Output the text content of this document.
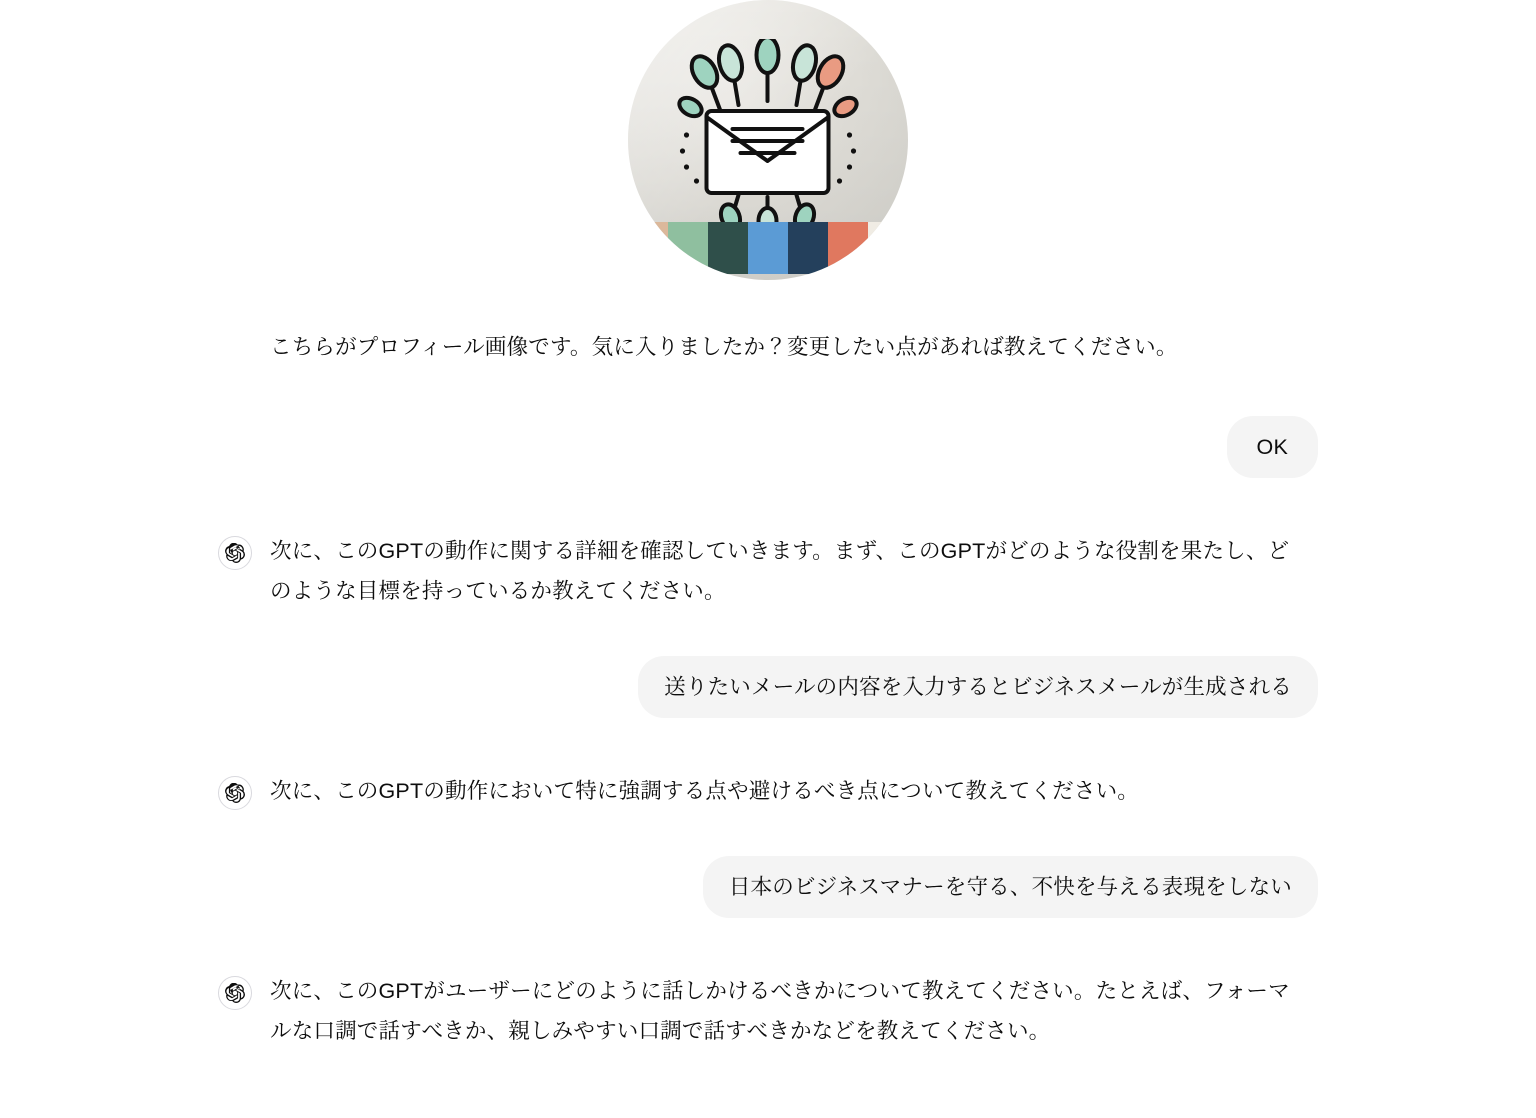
こちらがプロフィール画像です。気に入りましたか？変更したい点があれば教えてください。
OK
次に、このGPTの動作に関する詳細を確認していきます。まず、このGPTがどのような役割を果たし、どのような目標を持っているか教えてください。
送りたいメールの内容を入力するとビジネスメールが生成される
次に、このGPTの動作において特に強調する点や避けるべき点について教えてください。
日本のビジネスマナーを守る、不快を与える表現をしない
次に、このGPTがユーザーにどのように話しかけるべきかについて教えてください。たとえば、フォーマルな口調で話すべきか、親しみやすい口調で話すべきかなどを教えてください。
